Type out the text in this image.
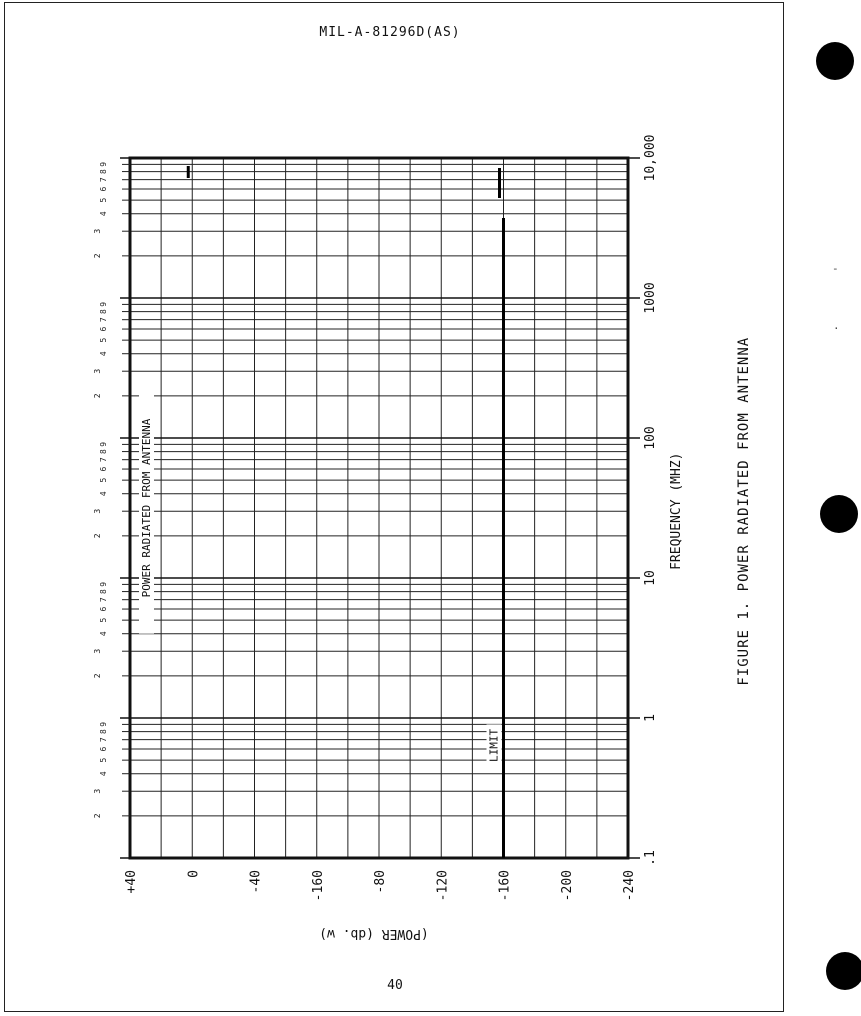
MIL-A-81296D(AS)
40
2
3
4
5
6
7
8
9
2
3
4
5
6
7
8
9
2
3
4
5
6
7
8
9
2
3
4
5
6
7
8
9
2
3
4
5
6
7
8
9
.1
1
10
100
1000
10,000
+40	0	-40	-160	-80	-120	-160	-200	-240
(POWER (db. w)
FREQUENCY (MHZ)	FIGURE 1. POWER RADIATED FROM ANTENNA
POWER RADIATED FROM ANTENNA
LIMIT
-
·
